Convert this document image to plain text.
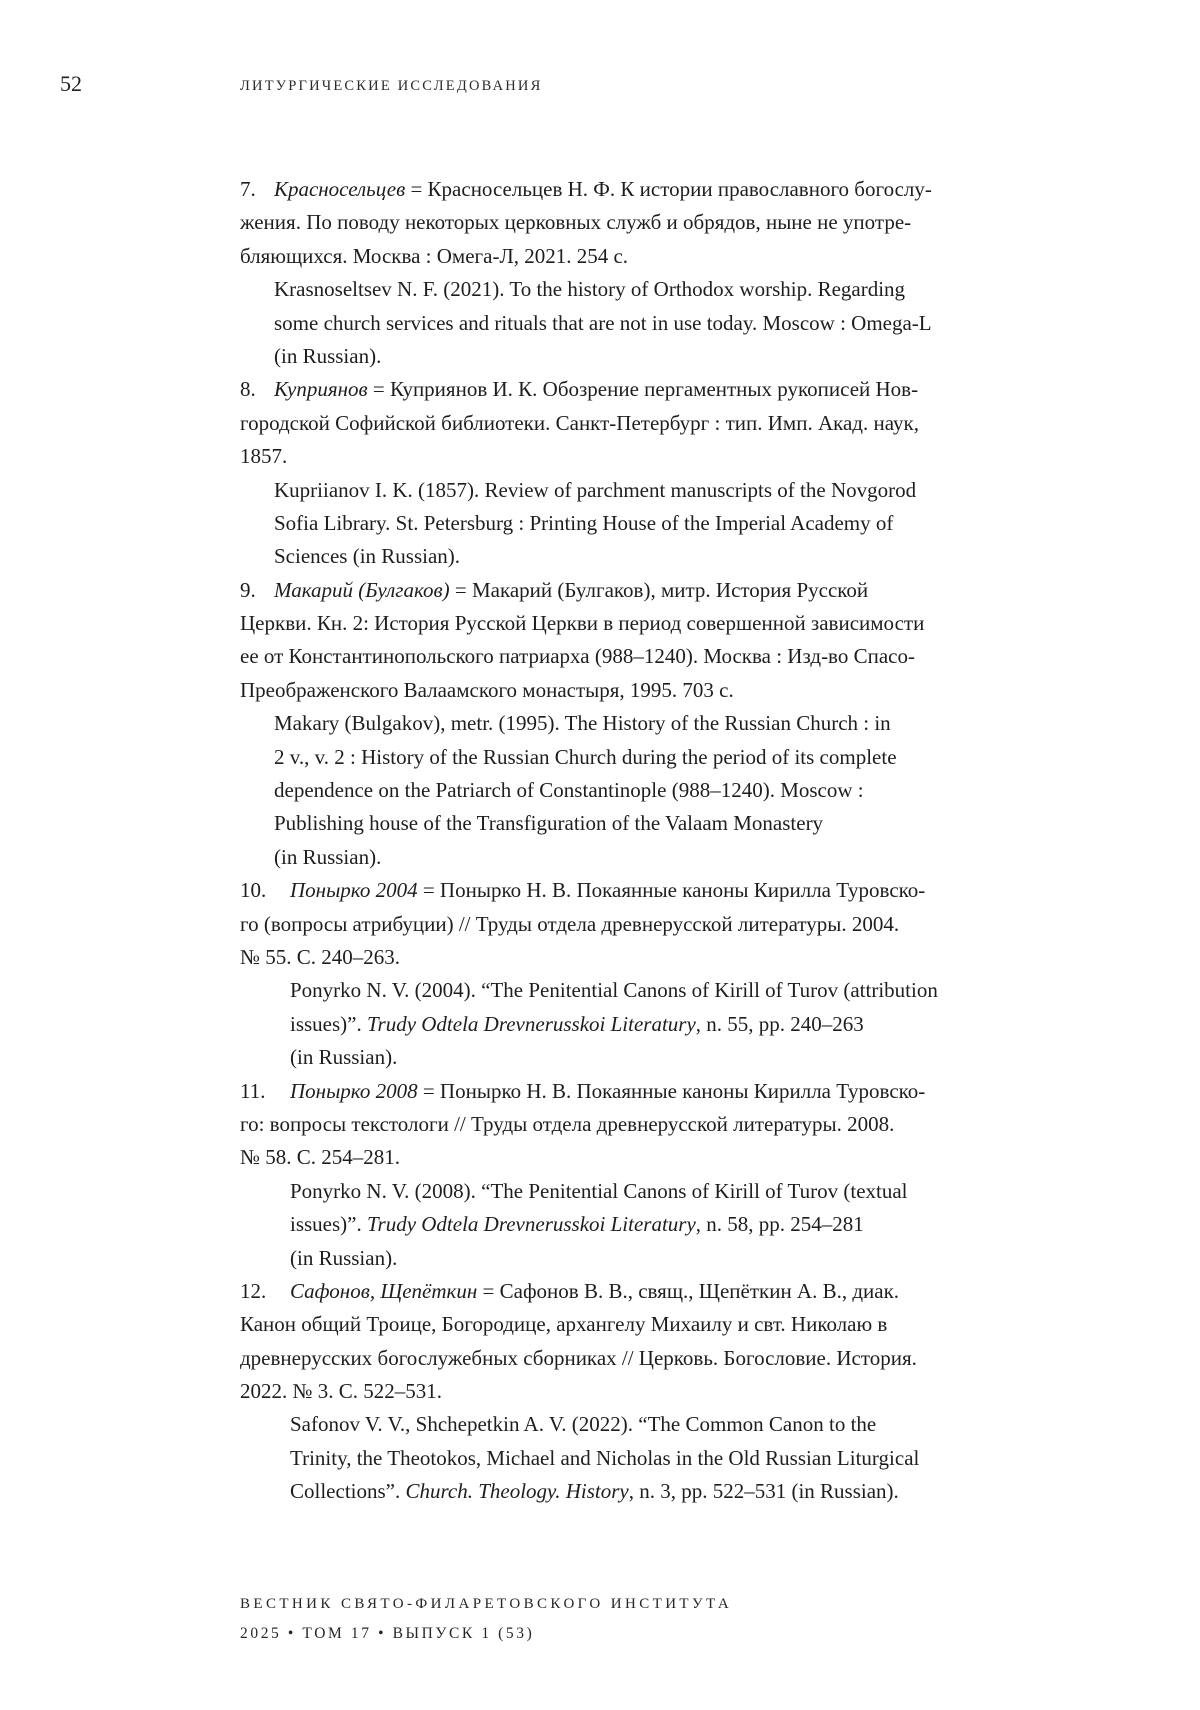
52	ЛИТУРГИЧЕСКИЕ ИССЛЕДОВАНИЯ
7. Красносельцев = Красносельцев Н. Ф. К истории православного богослу-
жения. По поводу некоторых церковных служб и обрядов, ныне не употре-
бляющихся. Москва : Омега-Л, 2021. 254 с.
Krasnoseltsev N. F. (2021). To the history of Orthodox worship. Regarding
some church services and rituals that are not in use today. Moscow : Omega-L
(in Russian).
8. Куприянов = Куприянов И. К. Обозрение пергаментных рукописей Нов-
городской Софийской библиотеки. Санкт-Петербург : тип. Имп. Акад. наук,
1857.
Kupriianov I. K. (1857). Review of parchment manuscripts of the Novgorod
Sofia Library. St. Petersburg : Printing House of the Imperial Academy of
Sciences (in Russian).
9. Макарий (Булгаков) = Макарий (Булгаков), митр. История Русской
Церкви. Кн. 2: История Русской Церкви в период совершенной зависимости
ее от Константинопольского патриарха (988–1240). Москва : Изд-во Спасо-
Преображенского Валаамского монастыря, 1995. 703 с.
Makary (Bulgakov), metr. (1995). The History of the Russian Church : in
2 v., v. 2 : History of the Russian Church during the period of its complete
dependence on the Patriarch of Constantinople (988–1240). Moscow :
Publishing house of the Transfiguration of the Valaam Monastery
(in Russian).
10. Понырко 2004 = Понырко Н. В. Покаянные каноны Кирилла Туровско-
го (вопросы атрибуции) // Труды отдела древнерусской литературы. 2004.
№ 55. С. 240–263.
Ponyrko N. V. (2004). “The Penitential Canons of Kirill of Turov (attribution
issues)”. Trudy Odtela Drevnerusskoi Literatury, n. 55, pp. 240–263
(in Russian).
11. Понырко 2008 = Понырко Н. В. Покаянные каноны Кирилла Туровско-
го: вопросы текстологи // Труды отдела древнерусской литературы. 2008.
№ 58. С. 254–281.
Ponyrko N. V. (2008). “The Penitential Canons of Kirill of Turov (textual
issues)”. Trudy Odtela Drevnerusskoi Literatury, n. 58, pp. 254–281
(in Russian).
12. Сафонов, Щепёткин = Сафонов В. В., свящ., Щепёткин А. В., диак.
Канон общий Троице, Богородице, архангелу Михаилу и свт. Николаю в
древнерусских богослужебных сборниках // Церковь. Богословие. История.
2022. № 3. С. 522–531.
Safonov V. V., Shchepetkin A. V. (2022). “The Common Canon to the
Trinity, the Theotokos, Michael and Nicholas in the Old Russian Liturgical
Collections”. Church. Theology. History, n. 3, pp. 522–531 (in Russian).
ВЕСТНИК СВЯТО-ФИЛАРЕТОВСКОГО ИНСТИТУТА
2025 • ТОМ 17 • ВЫПУСК 1 (53)
